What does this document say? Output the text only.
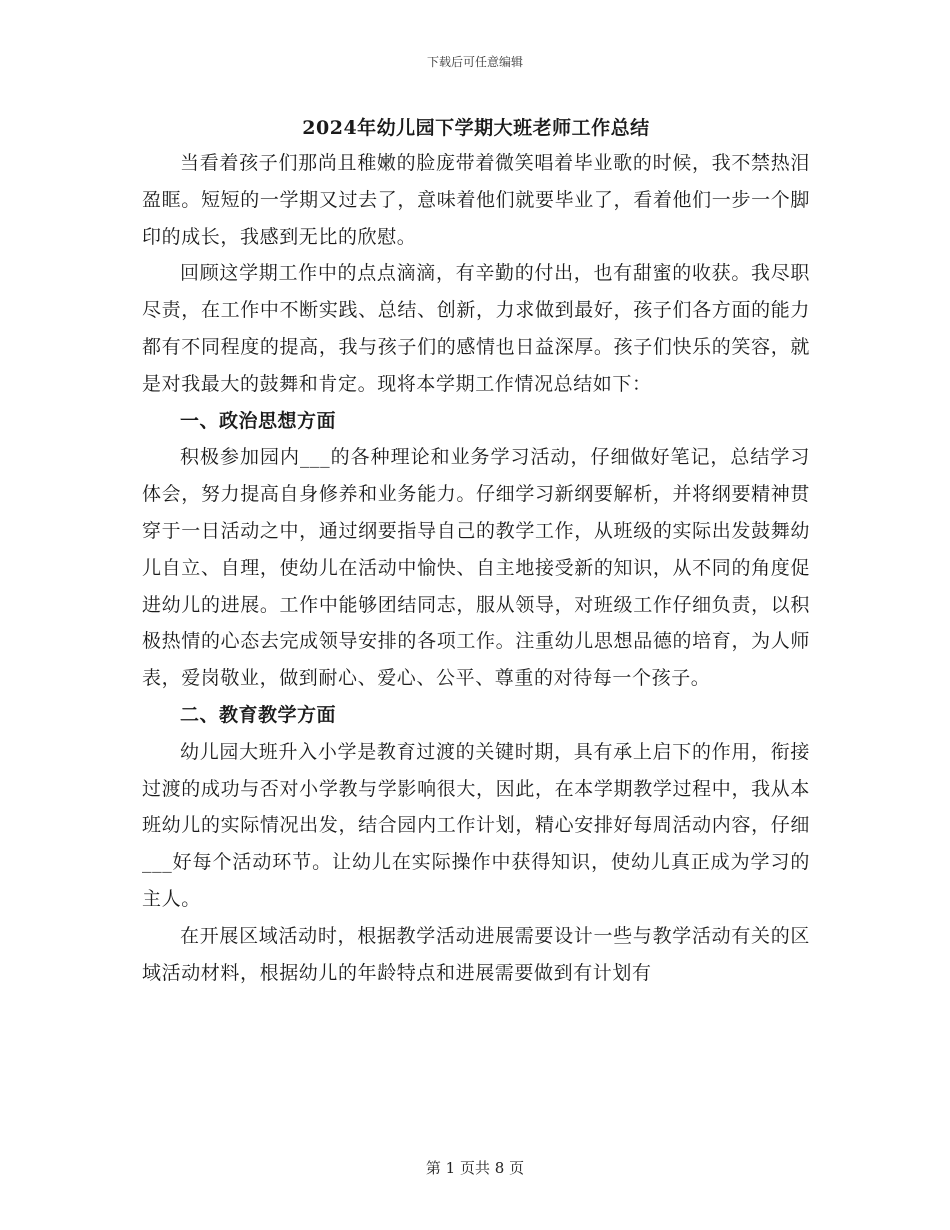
下载后可任意编辑
2024年幼儿园下学期大班老师工作总结

当看着孩子们那尚且稚嫩的脸庞带着微笑唱着毕业歌的时候，我不禁热泪盈眶。短短的一学期又过去了，意味着他们就要毕业了，看着他们一步一个脚印的成长，我感到无比的欣慰。

回顾这学期工作中的点点滴滴，有辛勤的付出，也有甜蜜的收获。我尽职尽责，在工作中不断实践、总结、创新，力求做到最好，孩子们各方面的能力都有不同程度的提高，我与孩子们的感情也日益深厚。孩子们快乐的笑容，就是对我最大的鼓舞和肯定。现将本学期工作情况总结如下：

一、政治思想方面

积极参加园内___的各种理论和业务学习活动，仔细做好笔记，总结学习体会，努力提高自身修养和业务能力。仔细学习新纲要解析，并将纲要精神贯穿于一日活动之中，通过纲要指导自己的教学工作，从班级的实际出发鼓舞幼儿自立、自理，使幼儿在活动中愉快、自主地接受新的知识，从不同的角度促进幼儿的进展。工作中能够团结同志，服从领导，对班级工作仔细负责，以积极热情的心态去完成领导安排的各项工作。注重幼儿思想品德的培育，为人师表，爱岗敬业，做到耐心、爱心、公平、尊重的对待每一个孩子。

二、教育教学方面

幼儿园大班升入小学是教育过渡的关键时期，具有承上启下的作用，衔接过渡的成功与否对小学教与学影响很大，因此，在本学期教学过程中，我从本班幼儿的实际情况出发，结合园内工作计划，精心安排好每周活动内容，仔细___好每个活动环节。让幼儿在实际操作中获得知识，使幼儿真正成为学习的主人。

在开展区域活动时，根据教学活动进展需要设计一些与教学活动有关的区域活动材料，根据幼儿的年龄特点和进展需要做到有计划有

第 1 页共 8 页
